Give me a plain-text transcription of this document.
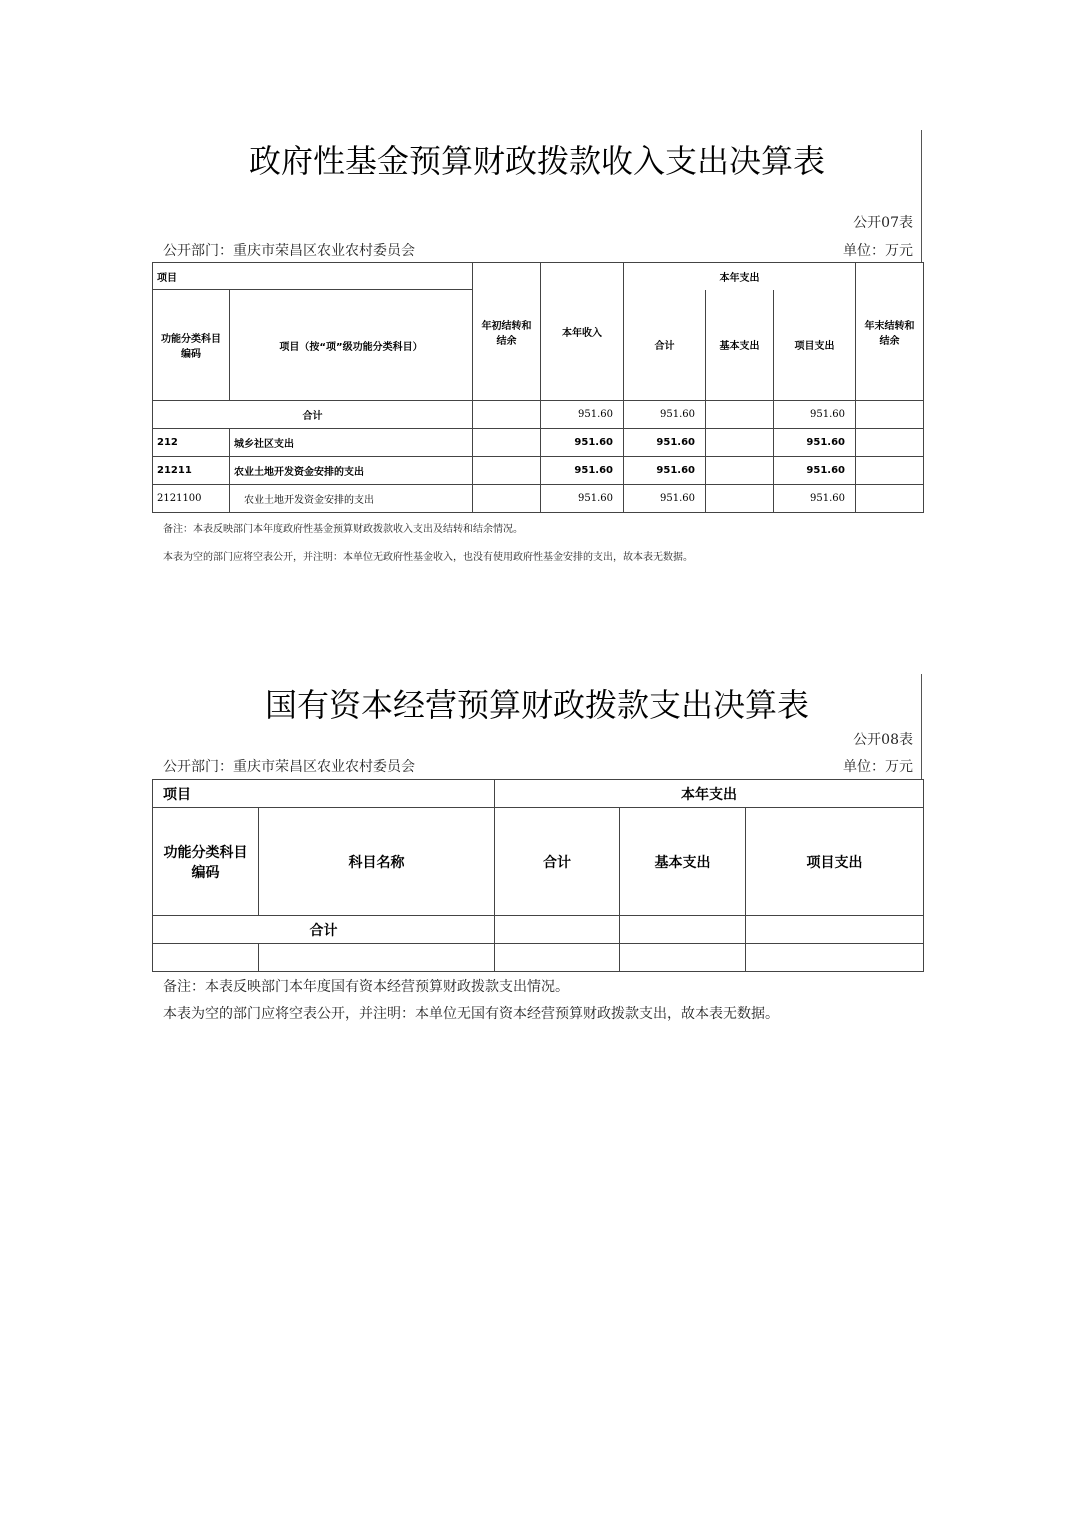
政府性基金预算财政拨款收入支出决算表
公开07表
公开部门：重庆市荣昌区农业农村委员会	单位：万元
项目		年初结转和结余	本年收入	本年支出			年末结转和结余
功能分类科目编码	项目（按“项”级功能分类科目）			合计	基本支出	项目支出	
合计			951.60	951.60		951.60	
212	城乡社区支出		951.60	951.60		951.60	
21211	农业土地开发资金安排的支出		951.60	951.60		951.60	
2121100	农业土地开发资金安排的支出		951.60	951.60		951.60	
备注：本表反映部门本年度政府性基金预算财政拨款收入支出及结转和结余情况。
本表为空的部门应将空表公开，并注明：本单位无政府性基金收入，也没有使用政府性基金安排的支出，故本表无数据。
国有资本经营预算财政拨款支出决算表
公开08表
公开部门：重庆市荣昌区农业农村委员会	单位：万元
项目		本年支出		
功能分类科目编码	科目名称	合计	基本支出	项目支出
合计				

备注：本表反映部门本年度国有资本经营预算财政拨款支出情况。
本表为空的部门应将空表公开，并注明：本单位无国有资本经营预算财政拨款支出，故本表无数据。
